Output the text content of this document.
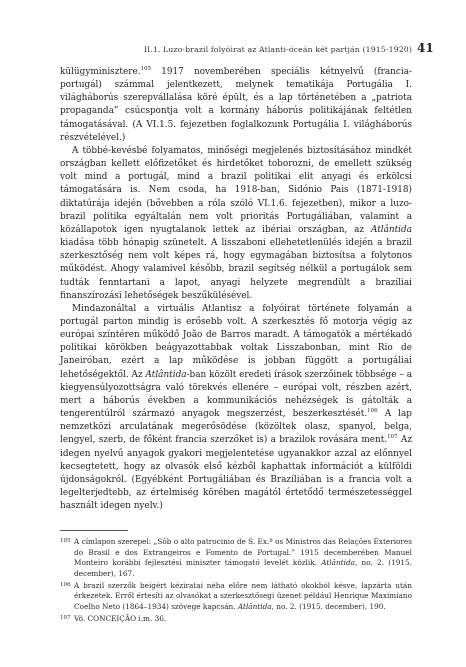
II.1. Luzo-brazil folyóirat az Atlanti-óceán két partján (1915-1920) 41

külügyminisztere.$^{105}$ 1917 novemberében speciális kétnyelvű (francia-portugál) számmal jelentkezett, melynek tematikája Portugália I. világháborús szerepvállalása köré épült, és a lap történetében a „patriota propaganda” csúcspontja volt a kormány háborús politikájának feltétlen támogatásával. (A VI.1.5. fejezetben foglalkozunk Portugália I. világháborús részvételével.)

A többé-kevésbé folyamatos, minőségi megjelenés biztosításához mindkét országban kellett előfizetőket és hirdetőket toborozni, de emellett szükség volt mind a portugál, mind a brazil politikai elit anyagi és erkölcsi támogatására is. Nem csoda, ha 1918-ban, Sidónio Pais (1871-1918) diktatúrája idején (bővebben a róla szóló VI.1.6. fejezetben), mikor a luzo-brazil politika egyáltalán nem volt prioritás Portugáliában, valamint a közállapotok igen nyugtalanok lettek az ibériai országban, az Atlântida kiadása több hónapig szünetelt. A lisszaboni ellehetetlenülés idején a brazil szerkesztőség nem volt képes rá, hogy egymagában biztosítsa a folytonos működést. Ahogy valamivel később, brazil segítség nélkül a portugálok sem tudták fenntartani a lapot, anyagi helyzete megrendült a brazíliai finanszírozási lehetőségek beszűkülésével.

Mindazonáltal a virtuális Atlantisz a folyóirat története folyamán a portugál parton mindig is erősebb volt. A szerkesztés fő motorja végig az európai színtéren működő João de Barros maradt. A támogatók a mértékadó politikai körökben beágyazottabbak voltak Lisszabonban, mint Rio de Janeiróban, ezért a lap működése is jobban függött a portugáliai lehetőségektől. Az Atlântida-ban közölt eredeti írások szerzőinek többsége – a kiegyensúlyozottságra való törekvés ellenére – európai volt, részben azért, mert a háborús években a kommunikációs nehézségek is gátolták a tengerentúlról származó anyagok megszerzést, beszerkesztését.$^{106}$ A lap nemzetközi arculatának megerősödése (közöltek olasz, spanyol, belga, lengyel, szerb, de főként francia szerzőket is) a brazilok rovására ment.$^{107}$ Az idegen nyelvű anyagok gyakori megjelentetése ugyanakkor azzal az előnnyel kecsegtetett, hogy az olvasók első kézből kaphattak információt a külföldi újdonságokról. (Egyébként Portugáliában és Brazíliában is a francia volt a legelterjedtebb, az értelmiség körében magától értetődő természetességgel használt idegen nyelv.)

105 A címlapon szerepel: „Sôb o alto patrocinio de S. Ex.ª os Ministros das Relações Exteriores do Brasil e dos Extrangeiros e Fomento de Portugal.” 1915 decemberében Manuel Monteiro korábbi fejlesztési miniszter támogató levelét közlik. Atlântida, no. 2. (1915. december), 167.
106 A brazil szerzők beígért kéziratai néha előre nem látható okokból késve, lapzárta után érkezetek. Erről értesíti az olvasókat a szerkesztősegi üzenet például Henrique Maximiano Coelho Neto (1864–1934) szövege kapcsán. Atlântida, no. 2. (1915. december), 190.
107 Vö. CONCEIÇÃO i.m. 36.
